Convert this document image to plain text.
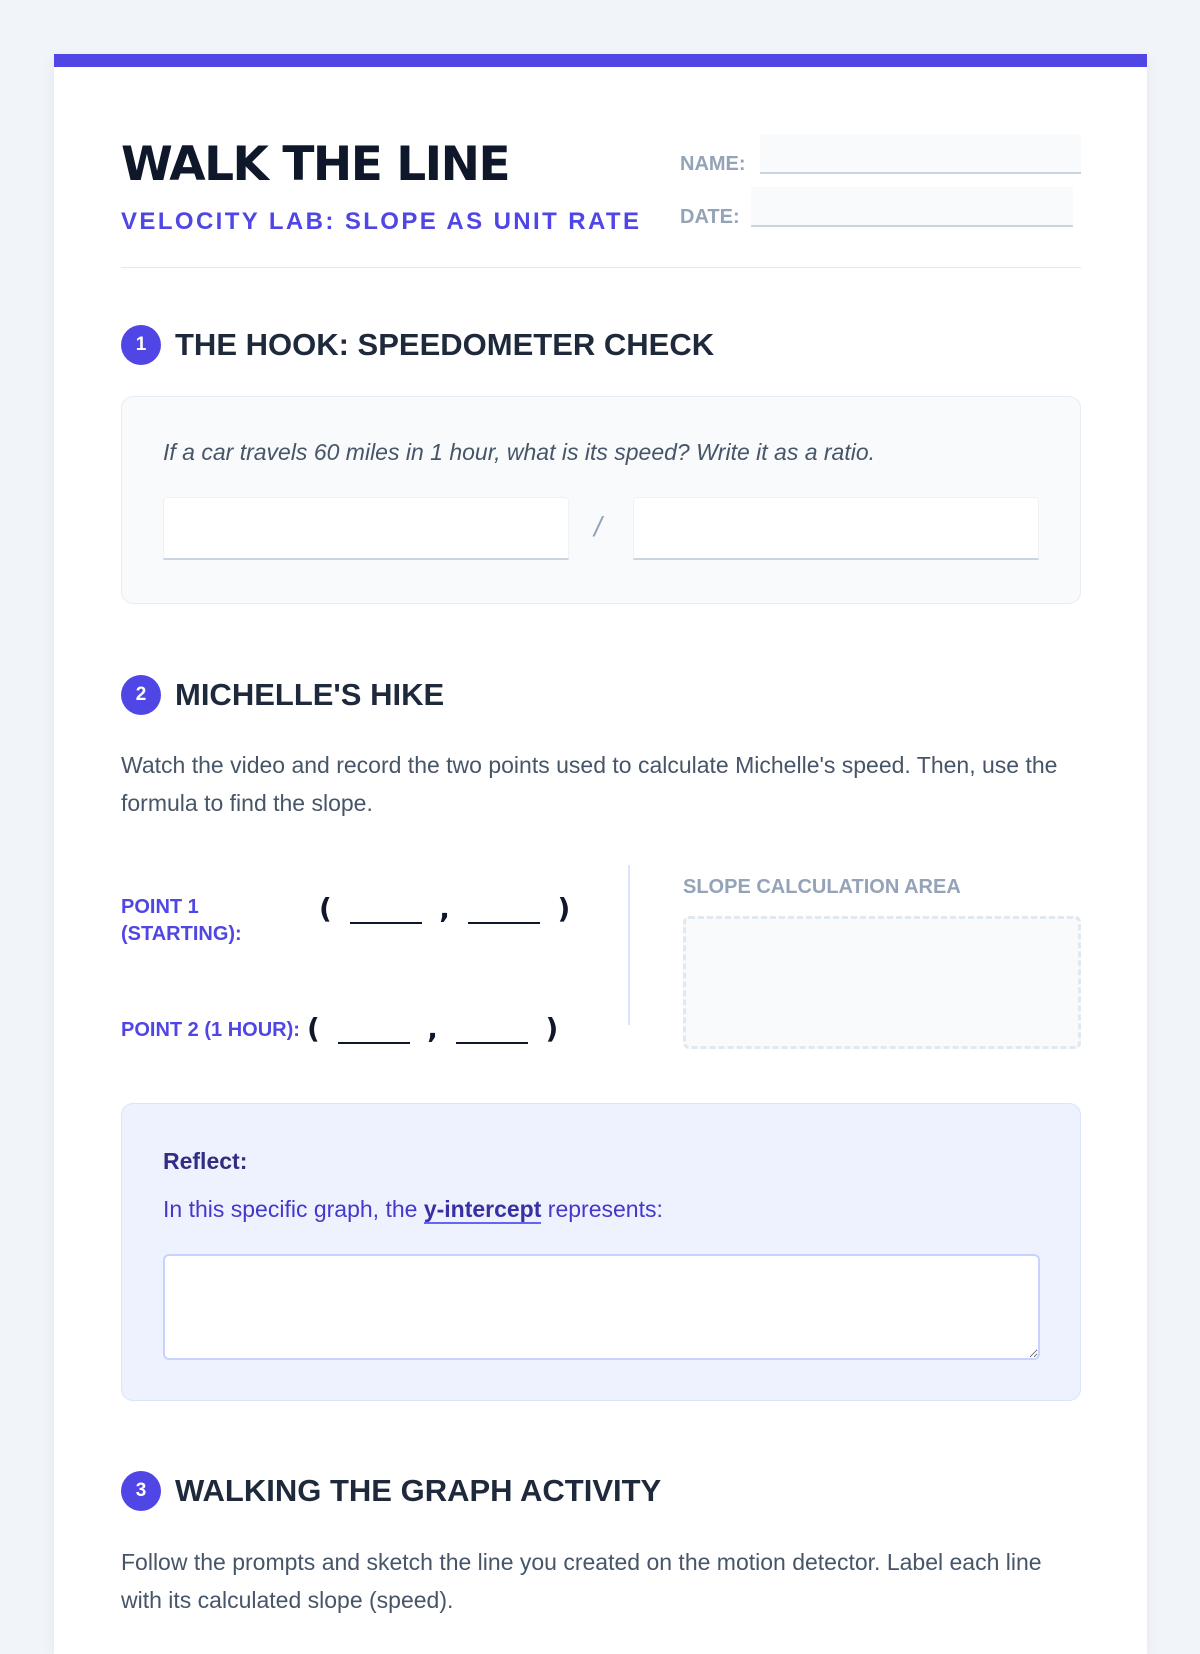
WALK THE LINE
VELOCITY LAB: SLOPE AS UNIT RATE
NAME:
DATE:
1 THE HOOK: SPEEDOMETER CHECK
If a car travels 60 miles in 1 hour, what is its speed? Write it as a ratio.
/
2 MICHELLE'S HIKE
Watch the video and record the two points used to calculate Michelle's speed. Then, use the formula to find the slope.
POINT 1 (STARTING):
(	,	)
POINT 2 (1 HOUR): (	,	)
SLOPE CALCULATION AREA
Reflect:
In this specific graph, the y-intercept represents:
3 WALKING THE GRAPH ACTIVITY
Follow the prompts and sketch the line you created on the motion detector. Label each line with its calculated slope (speed).
